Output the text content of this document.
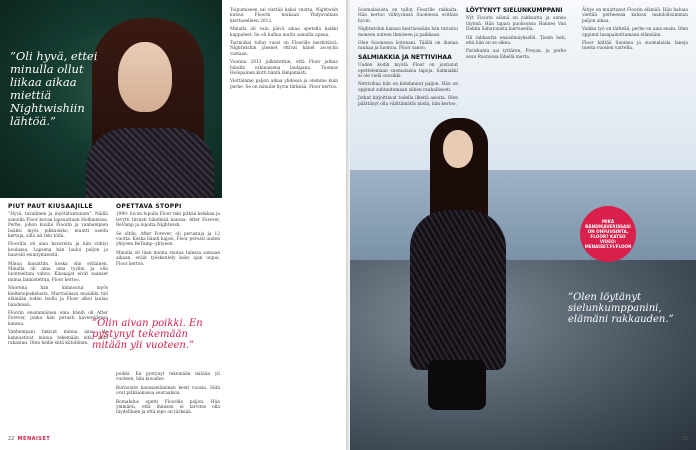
”Oli hyvä, ettei minulla ollut liikaa aikaa miettiä Nightwishiin lähtöä.”
PIUT PAUT KIUSAAJILLE

”Hyvä, tavallinen ja myötätuntoinen”. Näillä sanoilla Floor kuvaa lapsuuttaan Hollannissa. Perhe, johon kuului Floorin ja vanhempien lisäksi myös pikkusisko, muutti useita kertoja, sillä isä teki töitä.

Floorilla oli aina kavereita ja hän viihtyi koulussa. Lapsena hän lauloi paljon ja haaveili esiintymisestä.

Minua kiusattiin, koska olin erilainen. Minulla oli aina oma tyylini ja olin luonteeltani vahva. Kiusaajat eivät saaneet minua lannistettua, Floor kertoo.

Nuorena hän kiinnostui myös kieltenopiskelusta. Murrosiässä musiikki tuli elämään toden teolla ja Floor alkoi laulaa bändeissä.

Floorin ensimmäinen oma bändi oli After Forever, jonka hän perusti kavereidensa kanssa.

Vanhempani tukivat minua aina. He kannustivat minua tekemään sitä, mitä rakastan. Olen heille siitä kiitollinen.

OPETTAVA STOPPI

1990- luvun lopulla Floor teki pitkää keikkaa ja levytti tiiviisti bändinsä kanssa. After Forever, ReVamp ja lopulta Nightwish.

Se oltiin, After Forever, oli perustaja ja 12 vuotta. Koska bändi hajosi, Floor perusti uuden yhtyeen ReVamp -yhtyeen.

Minulla oli liian monta rautaa tulessa samaan aikaan, eräät työskentely koko ajan uupui, Floor kertoo.

”Olin aivan poikki. En pystynyt tekemään mitään yli vuoteen.”

poikki. En pystynyt tekemään mitään yli vuoteen, hän kuvailee.

Burnoutin kanssaeläminen kesti vuosia. Siitä ovat pitkäaikaisia seurauksia.

Romahdus opetti Floorille paljon. Hän ymmärsi, että ihmisen ei tarvitse olla täydellinen ja että lepo on tärkeää.

Toipumiseen sai viettää kaksi vuotta. Nightwish kutsui Floorin mukaan Yhdysvaltain kiertueelleen 2012.

Minulla oli vain päivä aikaa opetella kaikki kappaleet. Se oli hullua mutta samalla upeaa.

Tarinoiksi tullut vuosi on Floorille merkittävä. Nightwishin jäsenet ottivat hänet avosylin vastaan.

Vuonna 2013 julkistettiin, että Floor jatkaa bändin vakinaisena laulajana. Tuomas Holopainen kiitti häntä lämpimästi.

Viettämme paljon aikaa yhdessä ja olemme kuin perhe. Se on minulle hyvin tärkeää, Floor kertoo.

22 MENAISET

Suomalaisista on tullut Floorille rakkaita. Hän kertoo viihtyvänsä Suomessa erittäin hyvin.

Nightwishin kanssa kiertäessään hän tutustui moneen uuteen ihmiseen ja paikkaan.

Olen Suomessa kotonani. Täällä on ihanaa rauhaa ja luontoa, Floor sanoo.

SALMIAKKIA JA NETTIVIHAA

Uuden kodin myötä Floor on joutunut opettelemaan suomalaisia tapoja. Salmiakki ei ole vielä suosikki.

Nettivihaa hän on kohdannut paljon. Hän on oppinut suhtautumaan siihen rauhallisesti.

Jotkut kirjoittavat todella ilkeitä asioita. Olen päättänyt olla välittämättä niistä, hän kertoo.

LÖYTYNYT SIELUNKUMPPANI

Nyt Floorin elämä on rakkautta ja onnea täynnä. Hän tapasi puolisonsa Hannes Van Dahlin Sabatonista kiertueella.

Oli rakkautta ensisilmäyksellä. Tiesin heti, että hän on se oikea.

Pariskunta sai tyttären, Freyan, ja perhe asuu Ruotsissa lähellä merta.

Äitiys on muuttanut Floorin elämää. Hän haluaa viettää perheensä kanssa mahdollisimman paljon aikaa.

Vaikka työ on tärkeää, perhe on aina ensin. Olen oppinut tasapainottamaan elämääni.

Floor kiittää Suomea ja suomalaisia faneja tuesta vuosien varrella.

MIKÄ BÄNDIKAVERISSASI ON ONFUUSINTA, FLOOR? KATSO VIDEO: MENAISET.FI/FLOOR
”Olen löytänyt sielunkumppanini, elämäni rakkauden.”
23
